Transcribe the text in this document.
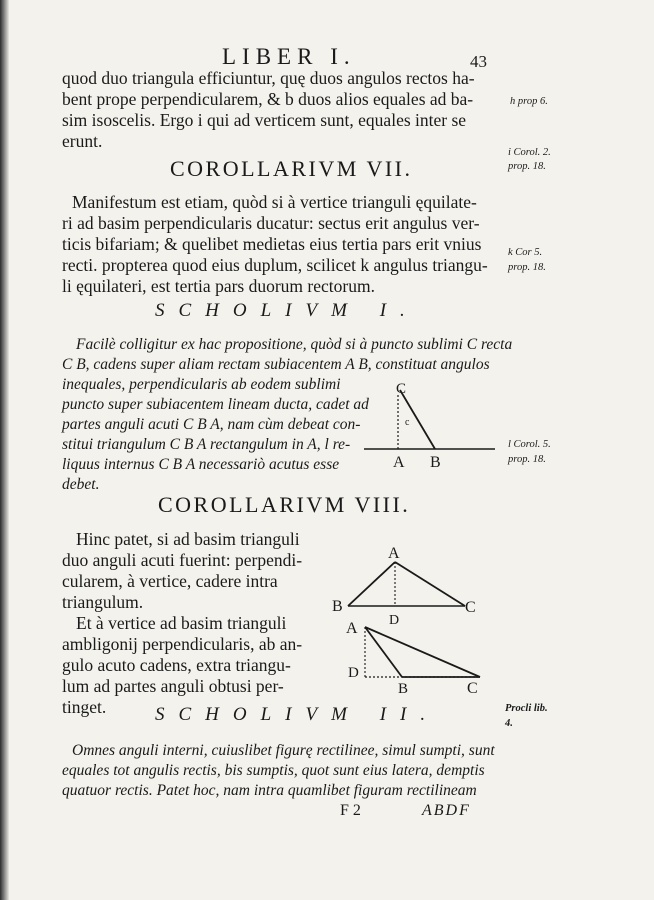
LIBER I.	43
quod duo triangula efficiuntur, quę duos angulos rectos ha-
bent prope perpendicularem, & b duos alios equales ad ba-
sim isoscelis. Ergo i qui ad verticem sunt, equales inter se
erunt.
COROLLARIVM VII.
Manifestum est etiam, quòd si à vertice trianguli ęquilate-
ri ad basim perpendicularis ducatur: sectus erit angulus ver-
ticis bifariam; & quelibet medietas eius tertia pars erit vnius
recti. propterea quod eius duplum, scilicet k angulus triangu-
li ęquilateri, est tertia pars duorum rectorum.
SCHOLIVM I.
Facilè colligitur ex hac propositione, quòd si à puncto sublimi C recta
C B, cadens super aliam rectam subiacentem A B, constituat angulos
inequales, perpendicularis ab eodem sublimi
puncto super subiacentem lineam ducta, cadet ad
partes anguli acuti C B A, nam cùm debeat con-
stitui triangulum C B A rectangulum in A, l re-
liquus internus C B A necessariò acutus esse
debet.
C
c
A B
COROLLARIVM VIII.
Hinc patet, si ad basim trianguli
duo anguli acuti fuerint: perpendi-
cularem, à vertice, cadere intra
triangulum.
Et à vertice ad basim trianguli
ambligonij perpendicularis, ab an-
gulo acuto cadens, extra triangu-
lum ad partes anguli obtusi per-
tinget.
A
B	C
D
A
D
B	C
SCHOLIVM II.
Omnes anguli interni, cuiuslibet figurę rectilinee, simul sumpti, sunt
equales tot angulis rectis, bis sumptis, quot sunt eius latera, demptis
quatuor rectis. Patet hoc, nam intra quamlibet figuram rectilineam
F 2	ABDF
h prop 6.
i Corol. 2.
prop. 18.
k Cor 5.
prop. 18.
l Corol. 5.
prop. 18.
Procli lib.
4.
